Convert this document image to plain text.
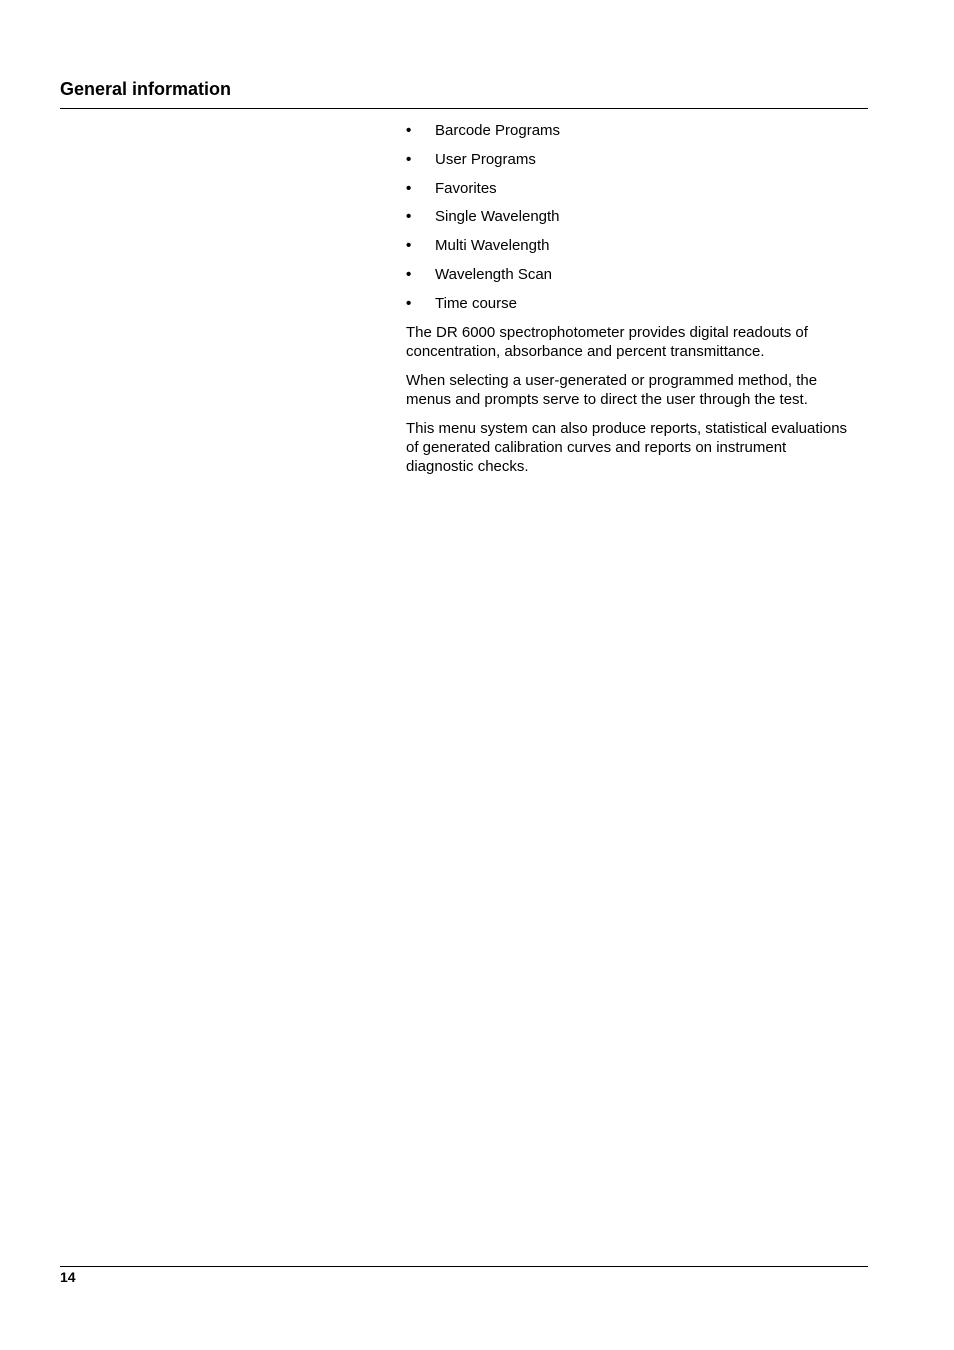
General information
• Barcode Programs
• User Programs
• Favorites
• Single Wavelength
• Multi Wavelength
• Wavelength Scan
• Time course

The DR 6000 spectrophotometer provides digital readouts of concentration, absorbance and percent transmittance.

When selecting a user-generated or programmed method, the menus and prompts serve to direct the user through the test.

This menu system can also produce reports, statistical evaluations of generated calibration curves and reports on instrument diagnostic checks.

14
